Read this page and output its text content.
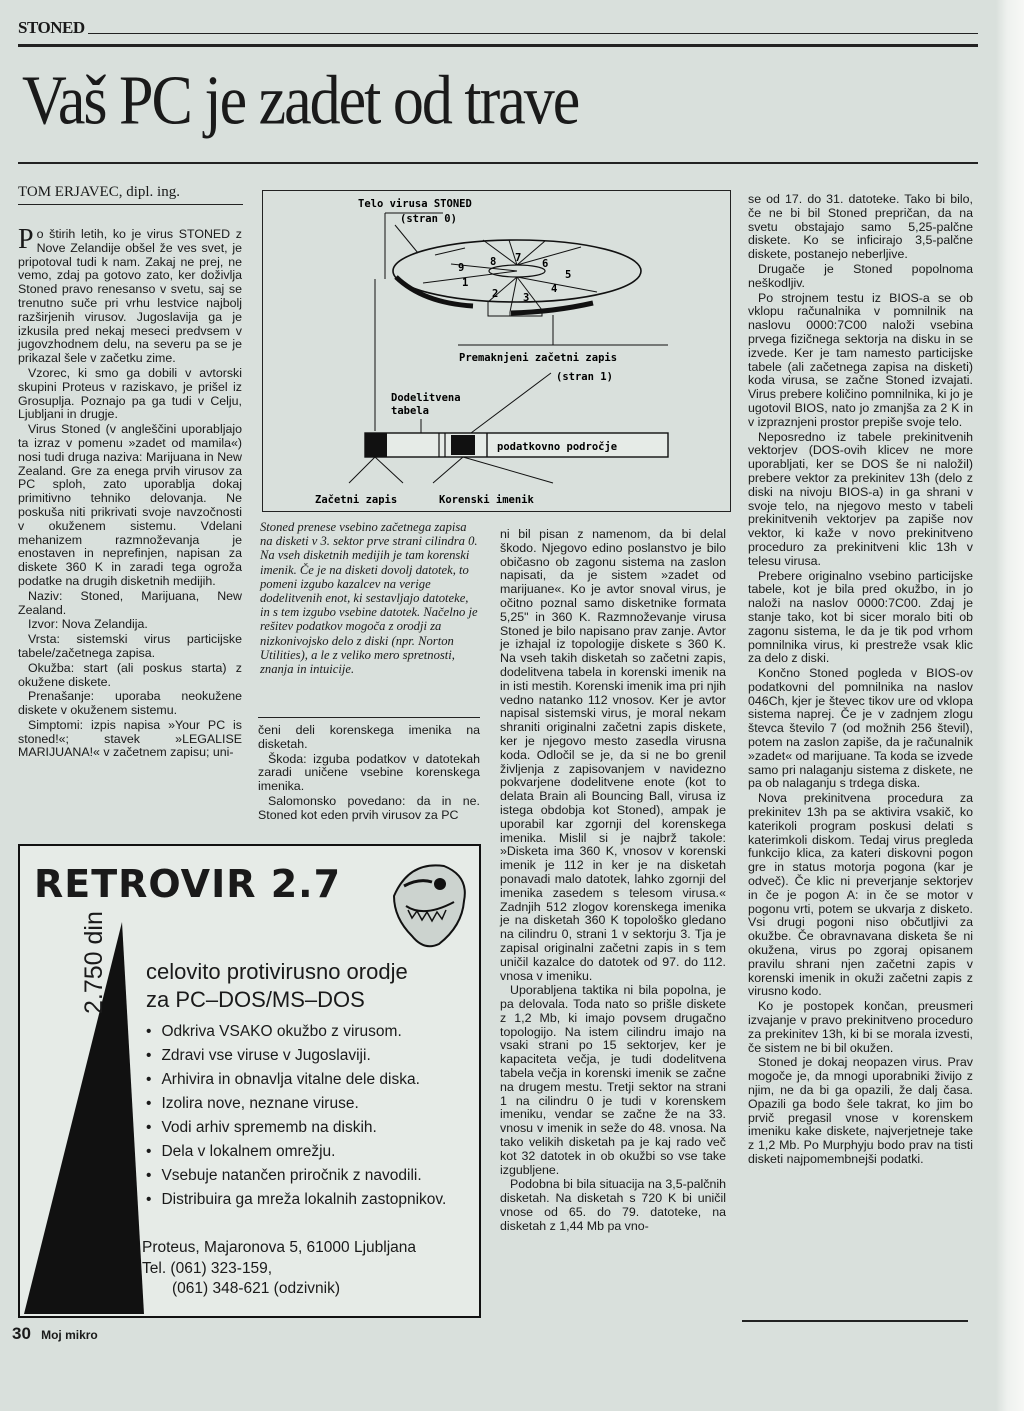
STONED
Vaš PC je zadet od trave
TOM ERJAVEC, dipl. ing.

Po štirih letih, ko je virus STONED z Nove Zelandije obšel že ves svet, je pripotoval tudi k nam. Zakaj ne prej, ne vemo, zdaj pa gotovo zato, ker doživlja Stoned pravo renesanso v svetu, saj se trenutno suče pri vrhu lestvice najbolj razširjenih virusov. Jugoslavija ga je izkusila pred nekaj meseci predvsem v jugovzhodnem delu, na severu pa se je prikazal šele v začetku zime.

Vzorec, ki smo ga dobili v avtorski skupini Proteus v raziskavo, je prišel iz Grosuplja. Poznajo pa ga tudi v Celju, Ljubljani in drugje.

Virus Stoned (v angleščini uporabljajo ta izraz v pomenu »zadet od mamila«) nosi tudi druga naziva: Marijuana in New Zealand. Gre za enega prvih virusov za PC sploh, zato uporablja dokaj primitivno tehniko delovanja. Ne poskuša niti prikrivati svoje navzočnosti v okuženem sistemu. Vdelani mehanizem razmnoževanja je enostaven in neprefinjen, napisan za diskete 360 K in zaradi tega ogroža podatke na drugih disketnih medijih.

Naziv: Stoned, Marijuana, New Zealand.

Izvor: Nova Zelandija.

Vrsta: sistemski virus particijske tabele/začetnega zapisa.

Okužba: start (ali poskus starta) z okužene diskete.

Prenašanje: uporaba neokužene diskete v okuženem sistemu.

Simptomi: izpis napisa »Your PC is stoned!«; stavek »LEGALISE MARIJUANA!« v začetnem zapisu; uni-

Telo virusa STONED
(stran 0)
8 7 6
9
5
1
2 3
4
Premaknjeni začetni zapis
(stran 1)
Dodelitvena
tabela
podatkovno področje
Začetni zapis	Korenski imenik
Stoned prenese vsebino začetnega zapisa na disketi v 3. sektor prve strani cilindra 0. Na vseh disketnih medijih je tam korenski imenik. Če je na disketi dovolj datotek, to pomeni izgubo kazalcev na verige dodelitvenih enot, ki sestavljajo datoteke, in s tem izgubo vsebine datotek. Načelno je rešitev podatkov mogoča z orodji za nizkonivojsko delo z diski (npr. Norton Utilities), a le z veliko mero spretnosti, znanja in intuicije.

čeni deli korenskega imenika na disketah.

Škoda: izguba podatkov v datotekah zaradi uničene vsebine korenskega imenika.

Salomonsko povedano: da in ne. Stoned kot eden prvih virusov za PC

ni bil pisan z namenom, da bi delal škodo. Njegovo edino poslanstvo je bilo običasno ob zagonu sistema na zaslon napisati, da je sistem »zadet od marijuane«. Ko je avtor snoval virus, je očitno poznal samo disketnike formata 5,25" in 360 K. Razmnoževanje virusa Stoned je bilo napisano prav zanje. Avtor je izhajal iz topologije diskete s 360 K. Na vseh takih disketah so začetni zapis, dodelitvena tabela in korenski imenik na in isti mestih. Korenski imenik ima pri njih vedno natanko 112 vnosov. Ker je avtor napisal sistemski virus, je moral nekam shraniti originalni začetni zapis diskete, ker je njegovo mesto zasedla virusna koda. Odločil se je, da si ne bo grenil življenja z zapisovanjem v navidezno pokvarjene dodelitvene enote (kot to delata Brain ali Bouncing Ball, virusa iz istega obdobja kot Stoned), ampak je uporabil kar zgornji del korenskega imenika. Mislil si je najbrž takole: »Disketa ima 360 K, vnosov v korenski imenik je 112 in ker je na disketah ponavadi malo datotek, lahko zgornji del imenika zasedem s telesom virusa.« Zadnjih 512 zlogov korenskega imenika je na disketah 360 K topološko gledano na cilindru 0, strani 1 v sektorju 3. Tja je zapisal originalni začetni zapis in s tem uničil kazalce do datotek od 97. do 112. vnosa v imeniku.

Uporabljena taktika ni bila popolna, je pa delovala. Toda nato so prišle diskete z 1,2 Mb, ki imajo povsem drugačno topologijo. Na istem cilindru imajo na vsaki strani po 15 sektorjev, ker je kapaciteta večja, je tudi dodelitvena tabela večja in korenski imenik se začne na drugem mestu. Tretji sektor na strani 1 na cilindru 0 je tudi v korenskem imeniku, vendar se začne že na 33. vnosu v imenik in seže do 48. vnosa. Na tako velikih disketah pa je kaj rado več kot 32 datotek in ob okužbi so vse take izgubljene.

Podobna bi bila situacija na 3,5-palčnih disketah. Na disketah s 720 K bi uničil vnose od 65. do 79. datoteke, na disketah z 1,44 Mb pa vno-

se od 17. do 31. datoteke. Tako bi bilo, če ne bi bil Stoned prepričan, da na svetu obstajajo samo 5,25-palčne diskete. Ko se inficirajo 3,5-palčne diskete, postanejo neberljive.

Drugače je Stoned popolnoma neškodljiv.

Po strojnem testu iz BIOS-a se ob vklopu računalnika v pomnilnik na naslovu 0000:7C00 naloži vsebina prvega fizičnega sektorja na disku in se izvede. Ker je tam namesto particijske tabele (ali začetnega zapisa na disketi) koda virusa, se začne Stoned izvajati. Virus prebere količino pomnilnika, ki jo je ugotovil BIOS, nato jo zmanjša za 2 K in v izpraznjeni prostor prepiše svoje telo.

Neposredno iz tabele prekinitvenih vektorjev (DOS-ovih klicev ne more uporabljati, ker se DOS še ni naložil) prebere vektor za prekinitev 13h (delo z diski na nivoju BIOS-a) in ga shrani v svoje telo, na njegovo mesto v tabeli prekinitvenih vektorjev pa zapiše nov vektor, ki kaže v novo prekinitveno proceduro za prekinitveni klic 13h v telesu virusa.

Prebere originalno vsebino particijske tabele, kot je bila pred okužbo, in jo naloži na naslov 0000:7C00. Zdaj je stanje tako, kot bi sicer moralo biti ob zagonu sistema, le da je tik pod vrhom pomnilnika virus, ki prestreže vsak klic za delo z diski.

Končno Stoned pogleda v BIOS-ov podatkovni del pomnilnika na naslov 046Ch, kjer je števec tikov ure od vklopa sistema naprej. Če je v zadnjem zlogu števca število 7 (od možnih 256 števil), potem na zaslon zapiše, da je računalnik »zadet« od marijuane. Ta koda se izvede samo pri nalaganju sistema z diskete, ne pa ob nalaganju s trdega diska.

Nova prekinitvena procedura za prekinitev 13h pa se aktivira vsakič, ko katerikoli program poskusi delati s katerimkoli diskom. Tedaj virus pregleda funkcijo klica, za kateri diskovni pogon gre in status motorja pogona (kar je odveč). Če klic ni preverjanje sektorjev in če je pogon A: in če se motor v pogonu vrti, potem se ukvarja z disketo. Vsi drugi pogoni niso občutljivi za okužbe. Če obravnavana disketa še ni okužena, virus po zgoraj opisanem pravilu shrani njen začetni zapis v korenski imenik in okuži začetni zapis z virusno kodo.

Ko je postopek končan, preusmeri izvajanje v pravo prekinitveno proceduro za prekinitev 13h, ki bi se morala izvesti, če sistem ne bi bil okužen.

Stoned je dokaj neopazen virus. Prav mogoče je, da mnogi uporabniki živijo z njim, ne da bi ga opazili, že dalj časa. Opazili ga bodo šele takrat, ko jim bo prvič pregasil vnose v korenskem imeniku kake diskete, najverjetneje take z 1,2 Mb. Po Murphyju bodo prav na tisti disketi najpomembnejši podatki.

RETROVIR 2.7
2.750 din celovito protivirusno orodje
za PC–DOS/MS–DOS
• Odkriva VSAKO okužbo z virusom.
• Zdravi vse viruse v Jugoslaviji.
• Arhivira in obnavlja vitalne dele diska.
• Izolira nove, neznane viruse.
• Vodi arhiv sprememb na diskih.
• Dela v lokalnem omrežju.
• Vsebuje natančen priročnik z navodili.
• Distribuira ga mreža lokalnih zastopnikov.
Proteus, Majaronova 5, 61000 Ljubljana
Tel. (061) 323-159,
(061) 348-621 (odzivnik)
30 Moj mikro
